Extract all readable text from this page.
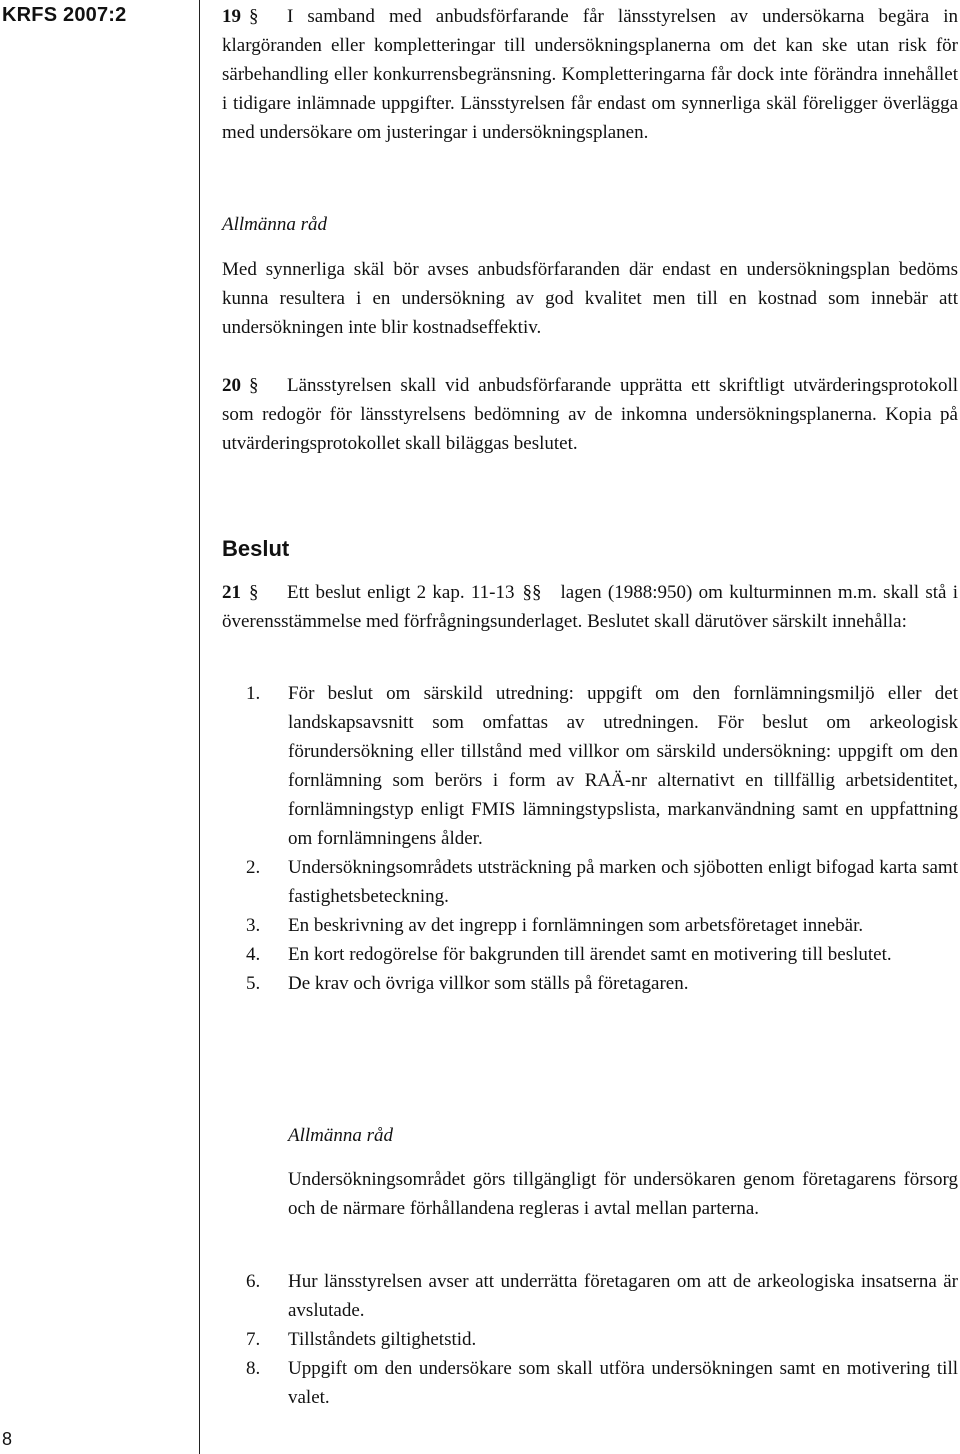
KRFS 2007:2
8

19 § I samband med anbudsförfarande får länsstyrelsen av undersökarna begära in klargöranden eller kompletteringar till undersökningsplanerna om det kan ske utan risk för särbehandling eller konkurrensbegränsning. Kompletteringarna får dock inte förändra innehållet i tidigare inlämnade uppgifter. Länsstyrelsen får endast om synnerliga skäl föreligger överlägga med undersökare om justeringar i undersökningsplanen.

Allmänna råd

Med synnerliga skäl bör avses anbudsförfaranden där endast en undersökningsplan bedöms kunna resultera i en undersökning av god kvalitet men till en kostnad som innebär att undersökningen inte blir kostnadseffektiv.

20 § Länsstyrelsen skall vid anbudsförfarande upprätta ett skriftligt utvärderingsprotokoll som redogör för länsstyrelsens bedömning av de inkomna undersökningsplanerna. Kopia på utvärderingsprotokollet skall biläggas beslutet.

Beslut

21 § Ett beslut enligt 2 kap. 11-13 §§ lagen (1988:950) om kulturminnen m.m. skall stå i överensstämmelse med förfrågningsunderlaget. Beslutet skall därutöver särskilt innehålla:

1. För beslut om särskild utredning: uppgift om den fornlämningsmiljö eller det landskapsavsnitt som omfattas av utredningen. För beslut om arkeologisk förundersökning eller tillstånd med villkor om särskild undersökning: uppgift om den fornlämning som berörs i form av RAÄ-nr alternativt en tillfällig arbetsidentitet, fornlämningstyp enligt FMIS lämningstypslista, markanvändning samt en uppfattning om fornlämningens ålder.
2. Undersökningsområdets utsträckning på marken och sjöbotten enligt bifogad karta samt fastighetsbeteckning.
3. En beskrivning av det ingrepp i fornlämningen som arbetsföretaget innebär.
4. En kort redogörelse för bakgrunden till ärendet samt en motivering till beslutet.
5. De krav och övriga villkor som ställs på företagaren.

Allmänna råd

Undersökningsområdet görs tillgängligt för undersökaren genom företagarens försorg och de närmare förhållandena regleras i avtal mellan parterna.

6. Hur länsstyrelsen avser att underrätta företagaren om att de arkeologiska insatserna är avslutade.
7. Tillståndets giltighetstid.
8. Uppgift om den undersökare som skall utföra undersökningen samt en motivering till valet.
